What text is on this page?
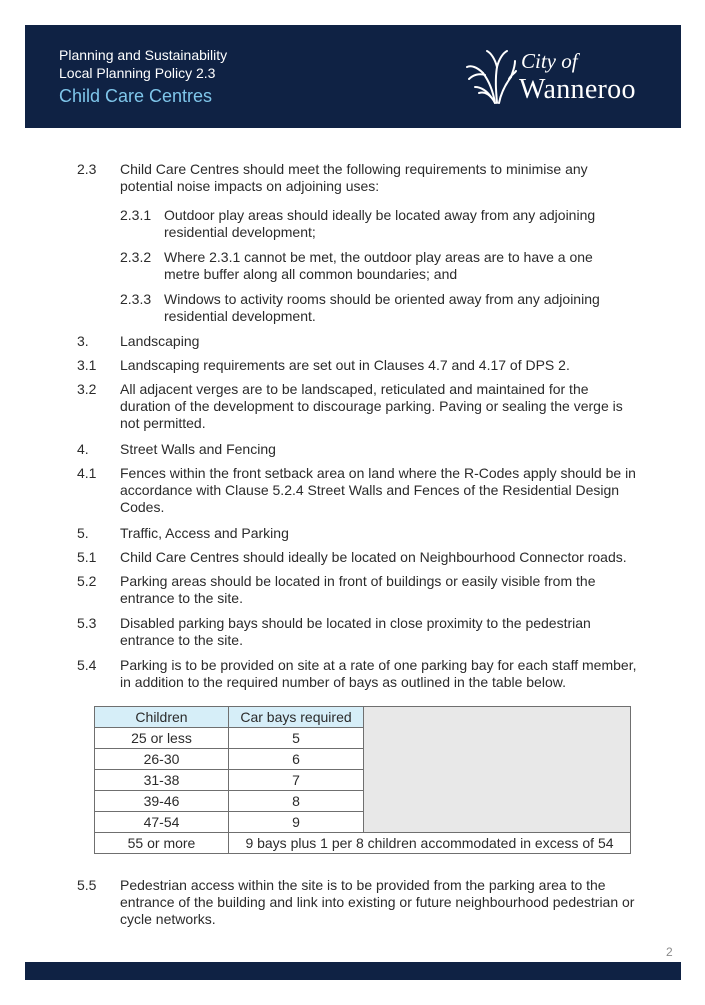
Planning and Sustainability
Local Planning Policy 2.3
Child Care Centres
City of
Wanneroo
2.3 Child Care Centres should meet the following requirements to minimise any potential noise impacts on adjoining uses:
2.3.1 Outdoor play areas should ideally be located away from any adjoining residential development;
2.3.2 Where 2.3.1 cannot be met, the outdoor play areas are to have a one metre buffer along all common boundaries; and
2.3.3 Windows to activity rooms should be oriented away from any adjoining residential development.
3. Landscaping
3.1 Landscaping requirements are set out in Clauses 4.7 and 4.17 of DPS 2.
3.2 All adjacent verges are to be landscaped, reticulated and maintained for the duration of the development to discourage parking. Paving or sealing the verge is not permitted.
4. Street Walls and Fencing
4.1 Fences within the front setback area on land where the R-Codes apply should be in accordance with Clause 5.2.4 Street Walls and Fences of the Residential Design Codes.
5. Traffic, Access and Parking
5.1 Child Care Centres should ideally be located on Neighbourhood Connector roads.
5.2 Parking areas should be located in front of buildings or easily visible from the entrance to the site.
5.3 Disabled parking bays should be located in close proximity to the pedestrian entrance to the site.
5.4 Parking is to be provided on site at a rate of one parking bay for each staff member, in addition to the required number of bays as outlined in the table below.
Children	Car bays required	
25 or less	5	
26-30	6	
31-38	7	
39-46	8	
47-54	9	
55 or more	9 bays plus 1 per 8 children accommodated in excess of 54	
5.5 Pedestrian access within the site is to be provided from the parking area to the entrance of the building and link into existing or future neighbourhood pedestrian or cycle networks.
2
